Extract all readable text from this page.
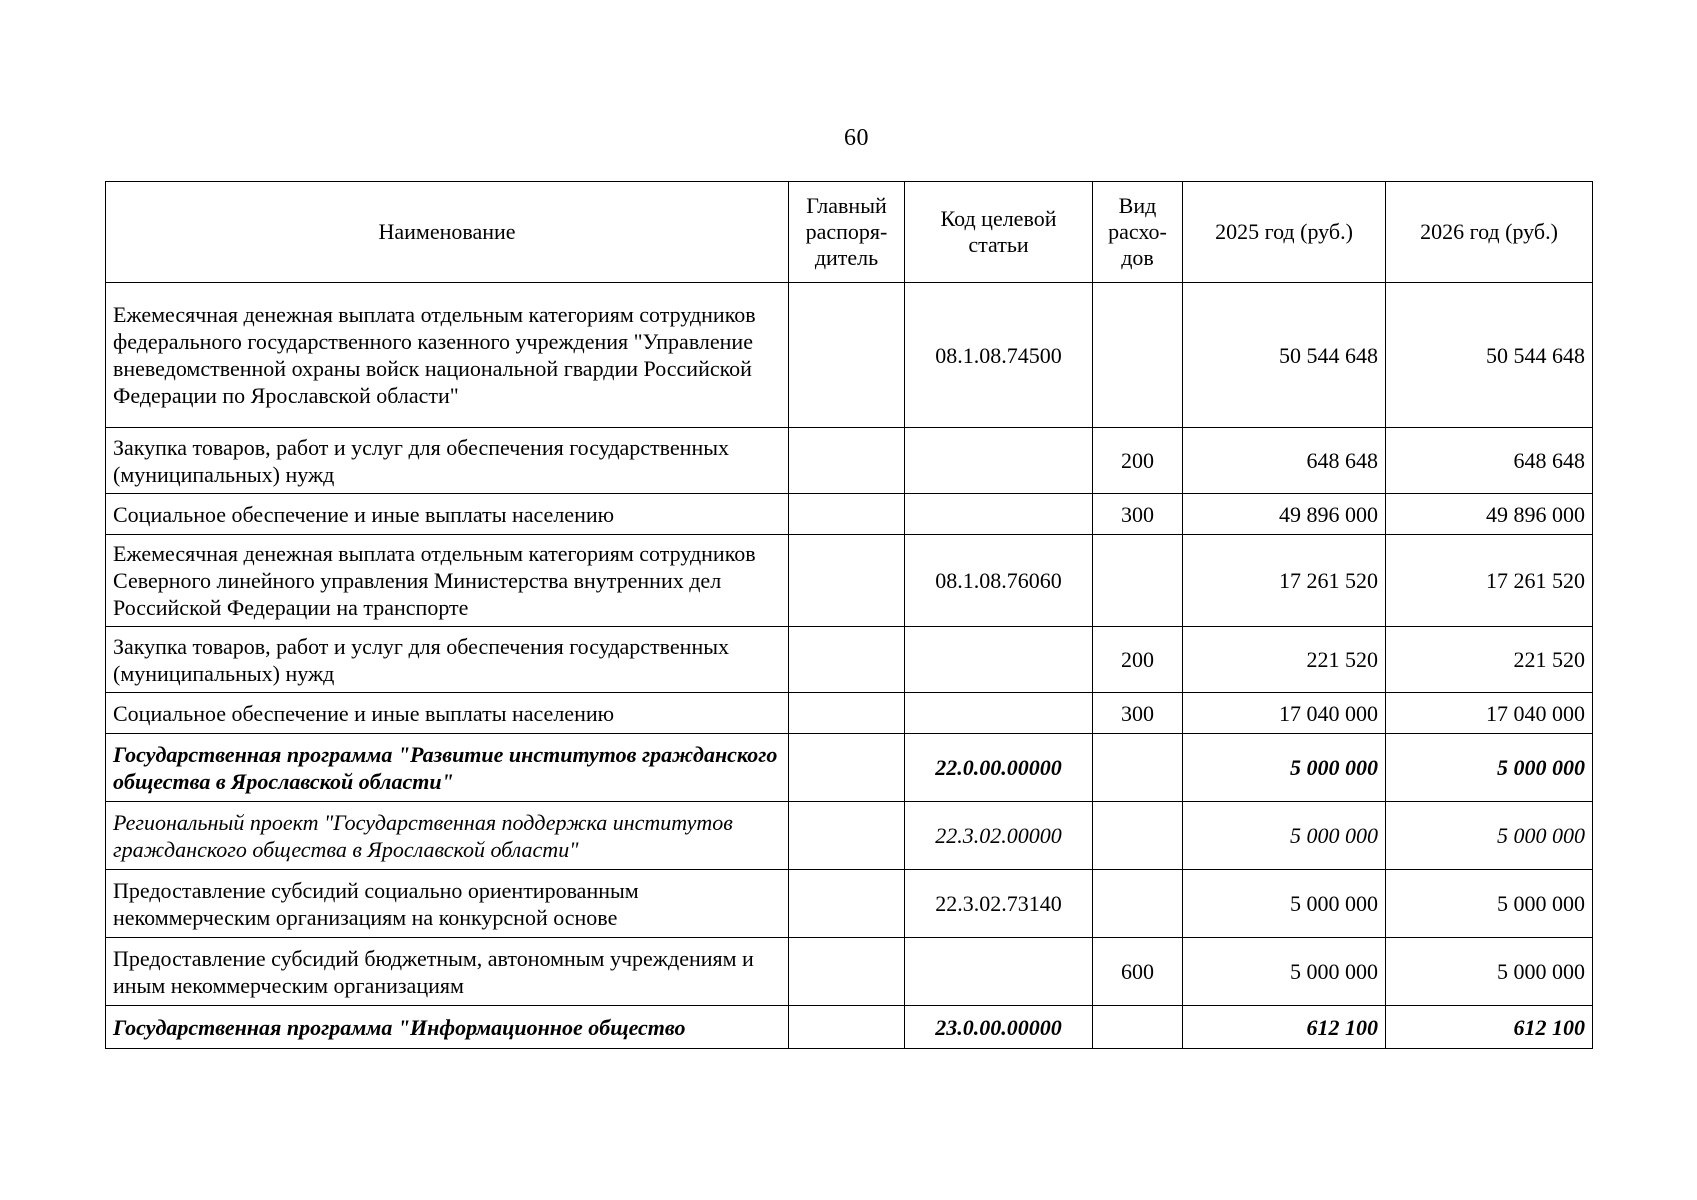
60
Наименование	Главный распоря-дитель	Код целевой статьи	Вид расхо-дов	2025 год (руб.)	2026 год (руб.)
Ежемесячная денежная выплата отдельным категориям сотрудников федерального государственного казенного учреждения "Управление вневедомственной охраны войск национальной гвардии Российской Федерации по Ярославской области"		08.1.08.74500		50 544 648	50 544 648
Закупка товаров, работ и услуг для обеспечения государственных (муниципальных) нужд			200	648 648	648 648
Социальное обеспечение и иные выплаты населению			300	49 896 000	49 896 000
Ежемесячная денежная выплата отдельным категориям сотрудников Северного линейного управления Министерства внутренних дел Российской Федерации на транспорте		08.1.08.76060		17 261 520	17 261 520
Закупка товаров, работ и услуг для обеспечения государственных (муниципальных) нужд			200	221 520	221 520
Социальное обеспечение и иные выплаты населению			300	17 040 000	17 040 000
Государственная программа "Развитие институтов гражданского общества в Ярославской области"		22.0.00.00000		5 000 000	5 000 000
Региональный проект "Государственная поддержка институтов гражданского общества в Ярославской области"		22.3.02.00000		5 000 000	5 000 000
Предоставление субсидий социально ориентированным некоммерческим организациям на конкурсной основе		22.3.02.73140		5 000 000	5 000 000
Предоставление субсидий бюджетным, автономным учреждениям и иным некоммерческим организациям			600	5 000 000	5 000 000
Государственная программа "Информационное общество		23.0.00.00000		612 100	612 100
